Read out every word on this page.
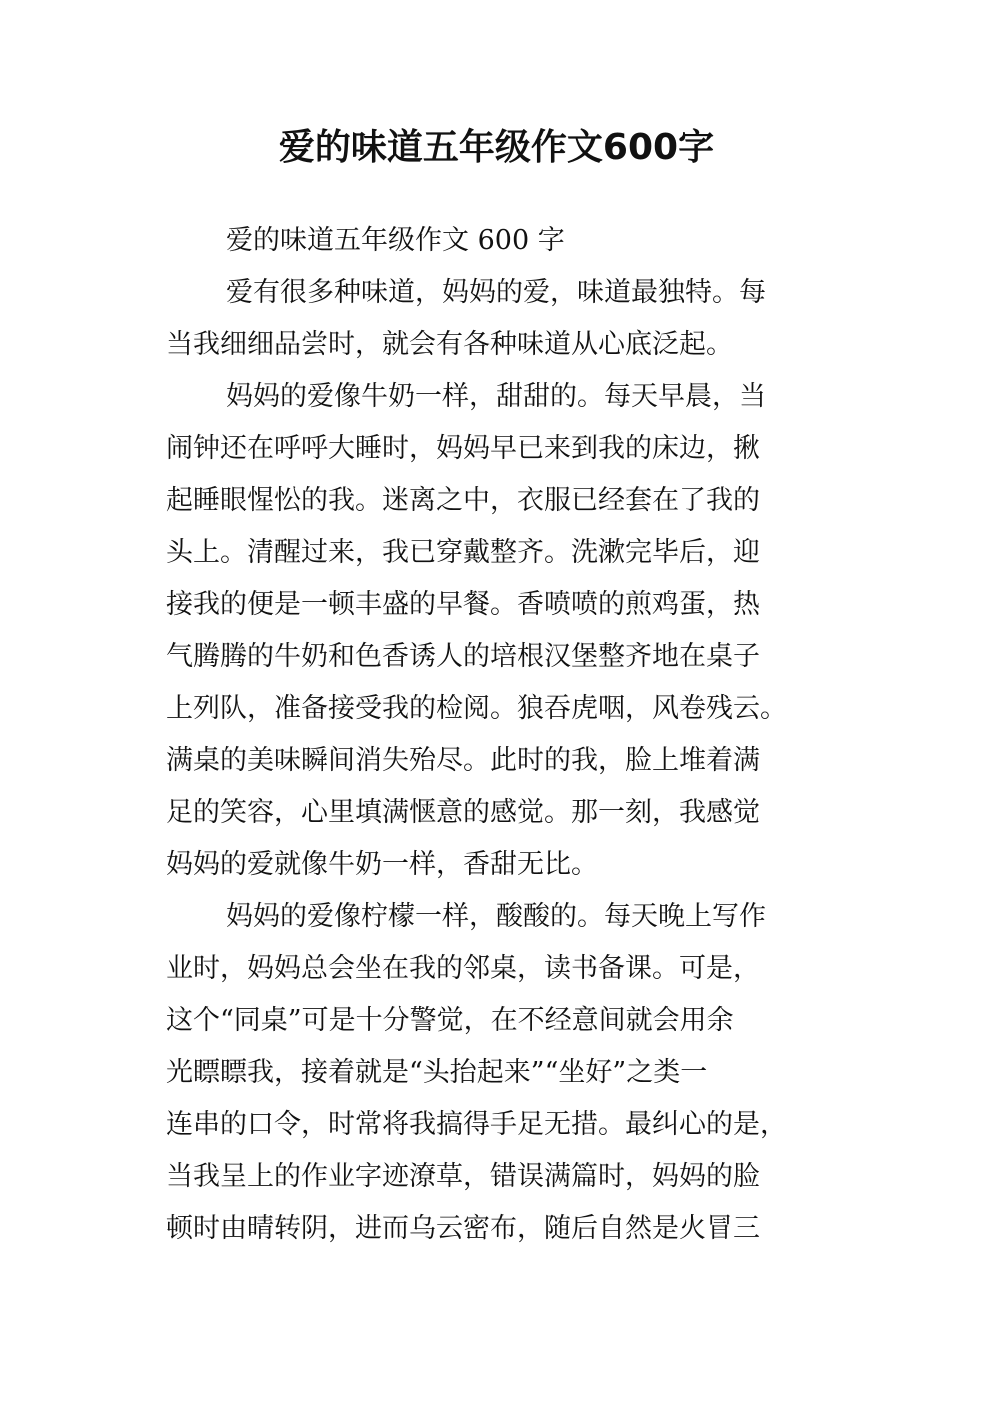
爱的味道五年级作文600字

爱的味道五年级作文 600 字

爱有很多种味道，妈妈的爱，味道最独特。每

当我细细品尝时，就会有各种味道从心底泛起。

妈妈的爱像牛奶一样，甜甜的。每天早晨，当

闹钟还在呼呼大睡时，妈妈早已来到我的床边，揪

起睡眼惺忪的我。迷离之中，衣服已经套在了我的

头上。清醒过来，我已穿戴整齐。洗漱完毕后，迎

接我的便是一顿丰盛的早餐。香喷喷的煎鸡蛋，热

气腾腾的牛奶和色香诱人的培根汉堡整齐地在桌子

上列队，准备接受我的检阅。狼吞虎咽，风卷残云。

满桌的美味瞬间消失殆尽。此时的我，脸上堆着满

足的笑容，心里填满惬意的感觉。那一刻，我感觉

妈妈的爱就像牛奶一样，香甜无比。

妈妈的爱像柠檬一样，酸酸的。每天晚上写作

业时，妈妈总会坐在我的邻桌，读书备课。可是，

这个“同桌”可是十分警觉，在不经意间就会用余

光瞟瞟我，接着就是“头抬起来”“坐好”之类一

连串的口令，时常将我搞得手足无措。最纠心的是，

当我呈上的作业字迹潦草，错误满篇时，妈妈的脸

顿时由晴转阴，进而乌云密布，随后自然是火冒三
